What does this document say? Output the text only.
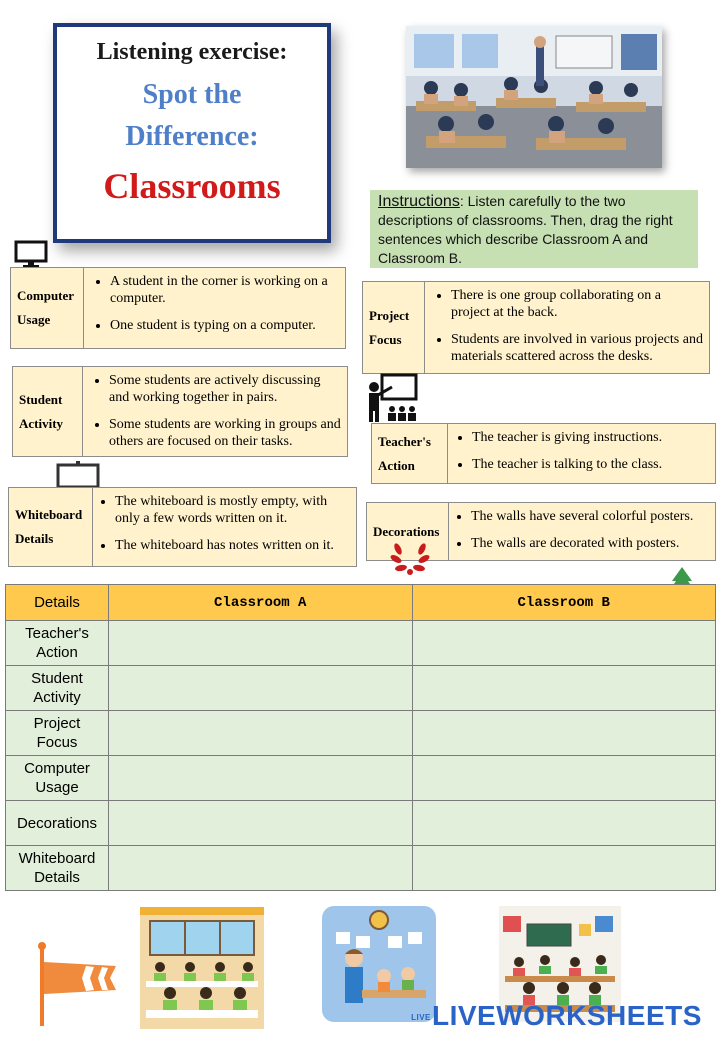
Listening exercise:
Spot the
Difference:
Classrooms	Instructions: Listen carefully to the two descriptions of classrooms. Then, drag the right sentences which describe Classroom A and Classroom B.
Computer Usage
• A student in the corner is working on a computer.
• One student is typing on a computer.
Project Focus
• There is one group collaborating on a project at the back.
• Students are involved in various projects and materials scattered across the desks.
Student Activity
• Some students are actively discussing and working together in pairs.
• Some students are working in groups and others are focused on their tasks.	Teacher's Action
• The teacher is giving instructions.
• The teacher is talking to the class.
Whiteboard Details
• The whiteboard is mostly empty, with only a few words written on it.
• The whiteboard has notes written on it.
Decorations
• The walls have several colorful posters.
• The walls are decorated with posters.
Details	Classroom A	Classroom B
Teacher's Action		
Student Activity		
Project Focus		
Computer Usage		
Decorations		
Whiteboard Details		
LIVELIVEWORKSHEETS
